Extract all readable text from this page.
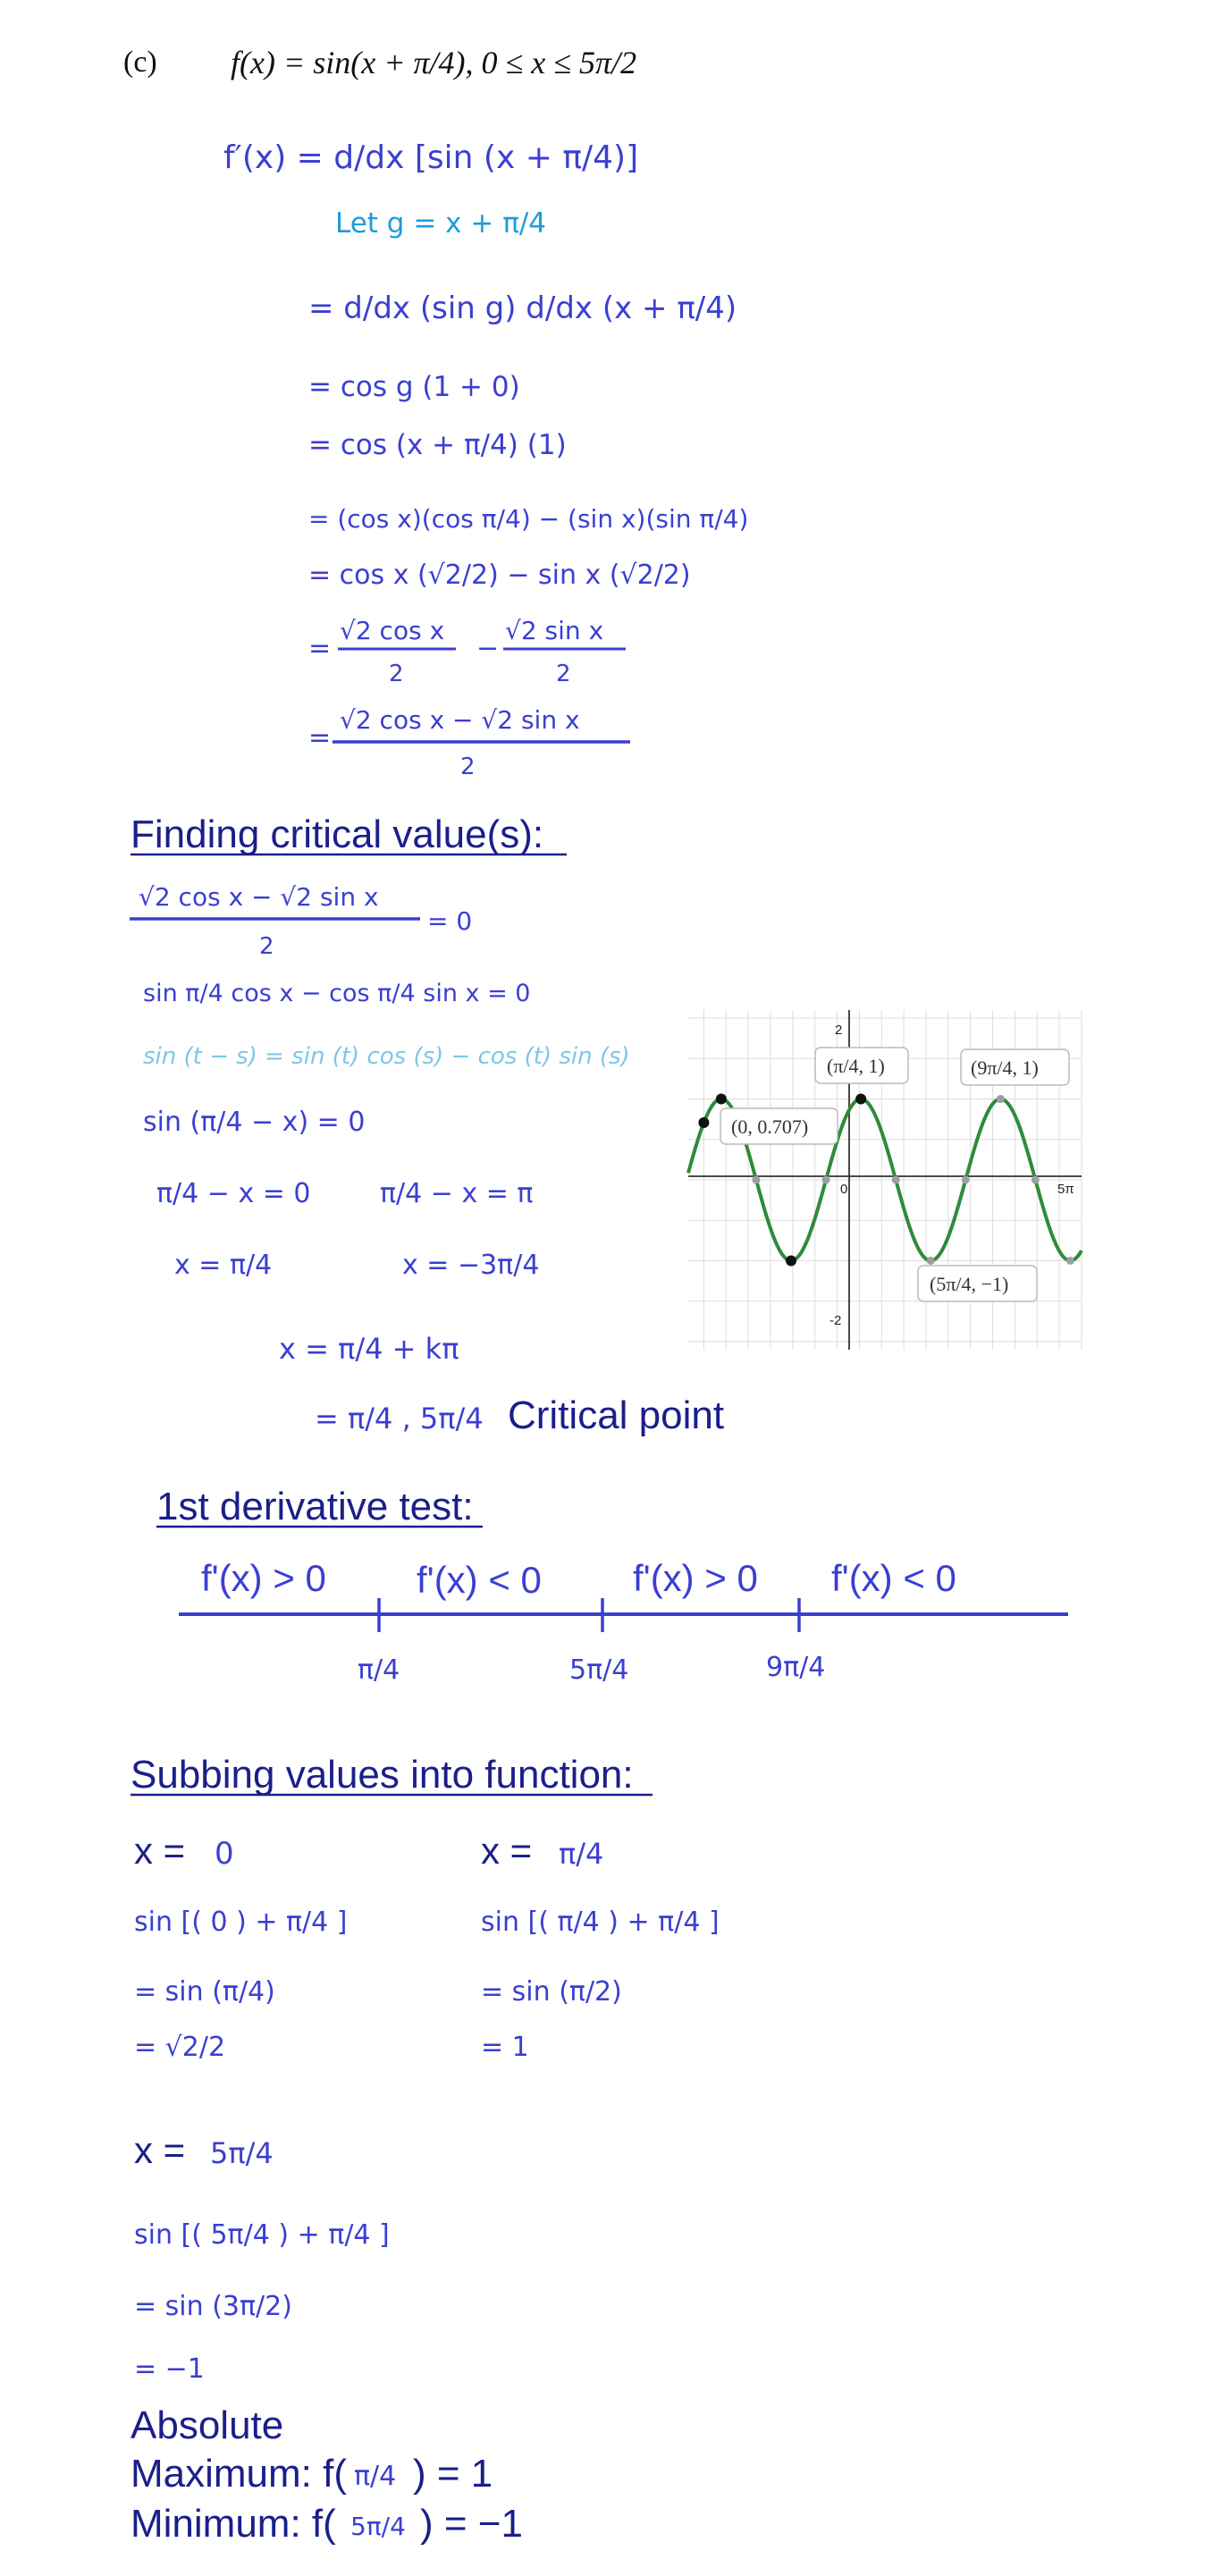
(c) f(x) = sin(x + π/4), 0 ≤ x ≤ 5π/2
f′(x) = d/dx [sin (x + π/4)]
Let g = x + π/4
= d/dx (sin g) d/dx (x + π/4)
= cos g (1 + 0)
= cos (x + π/4) (1)
= (cos x)(cos π/4) − (sin x)(sin π/4)
= cos x (√2/2) − sin x (√2/2)
=
√2 cos x
2
−
√2 sin x
2
=
√2 cos x − √2 sin x
2
Finding critical value(s):
√2 cos x − √2 sin x
2
= 0
sin π/4 cos x − cos π/4 sin x = 0
sin (t − s) = sin (t) cos (s) − cos (t) sin (s)
sin (π/4 − x) = 0
π/4 − x = 0	π/4 − x = π
x = π/4	x = −3π/4
x = π/4 + kπ
= π/4 , 5π/4 Critical point
2
-2
0	5π
(0, 0.707)
(π/4, 1)	(9π/4, 1)
(5π/4, −1)
1st derivative test:
f'(x) > 0 f'(x) < 0 f'(x) > 0 f'(x) < 0
π/4	5π/4	9π/4
Subbing values into function:
x = 0
sin [( 0 ) + π/4 ]
= sin (π/4)
= √2/2
x = π/4
sin [( π/4 ) + π/4 ]
= sin (π/2)
= 1
x = 5π/4
sin [( 5π/4 ) + π/4 ]
= sin (3π/2)
= −1
Absolute
Maximum: f( π/4 ) = 1
Minimum: f( 5π/4 ) = −1
